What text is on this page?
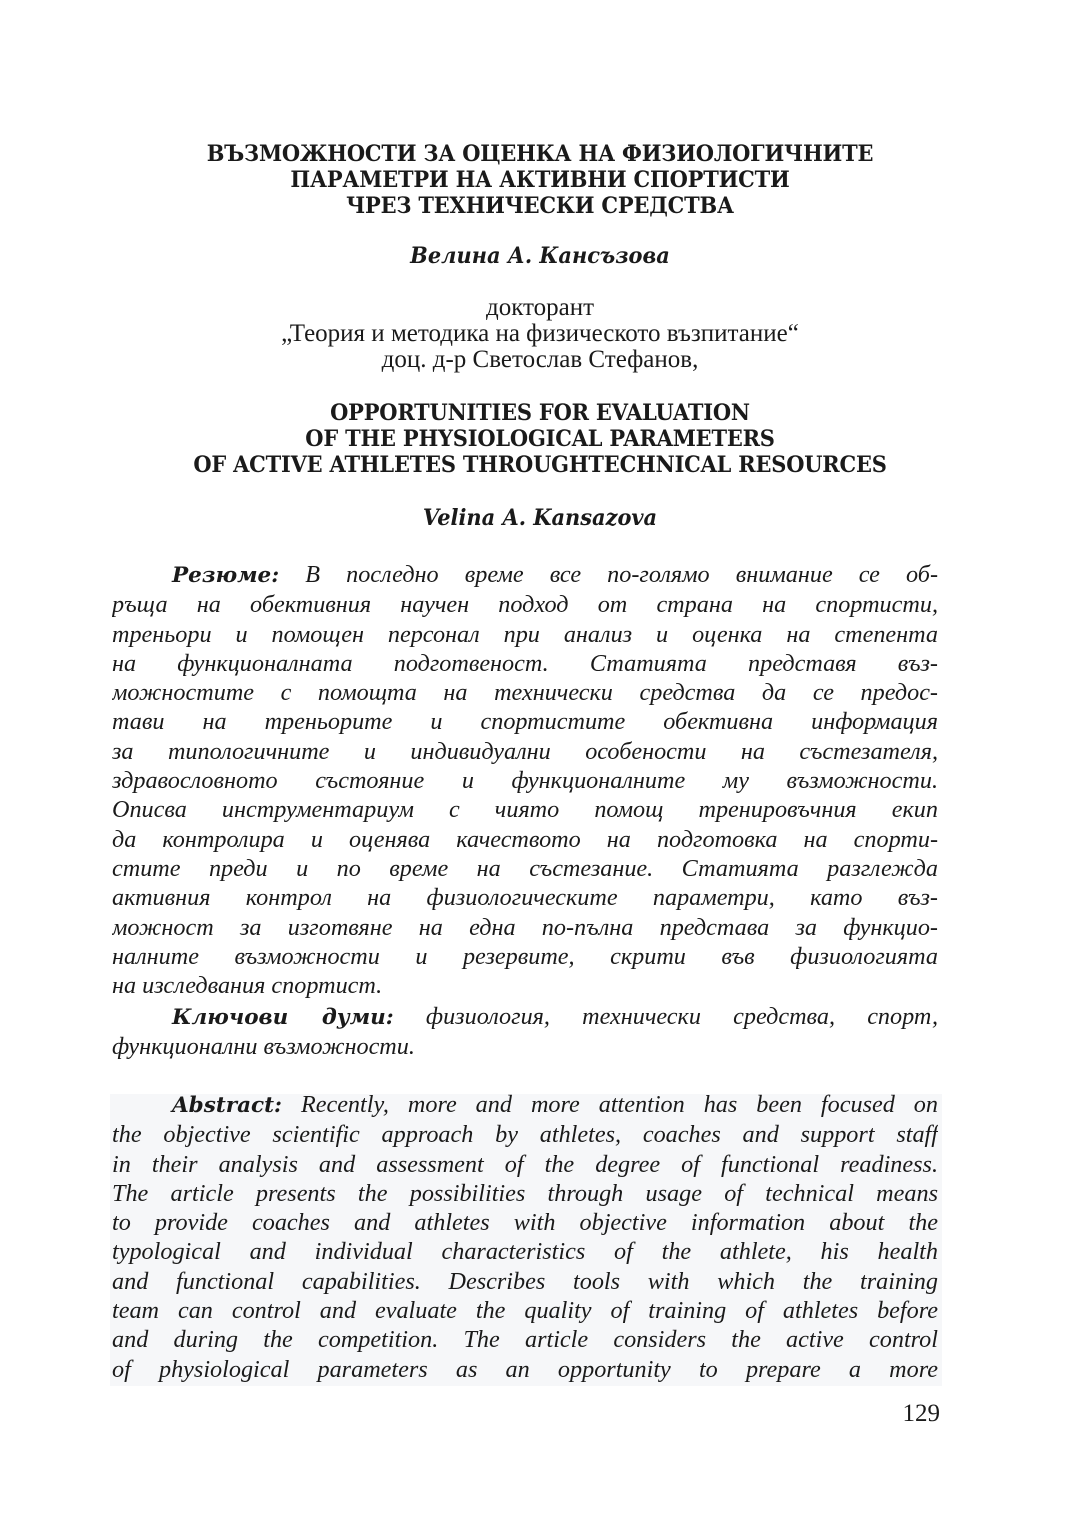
ВЪЗМОЖНОСТИ ЗА ОЦЕНКА НА ФИЗИОЛОГИЧНИТЕ
ПАРАМЕТРИ НА АКТИВНИ СПОРТИСТИ
ЧРЕЗ ТЕХНИЧЕСКИ СРЕДСТВА
Велина А. Кансъзова
докторант
„Теория и методика на физическото възпитание“
доц. д-р Светослав Стефанов,
OPPORTUNITIES FOR EVALUATION
OF THE PHYSIOLOGICAL PARAMETERS
OF ACTIVE ATHLETES THROUGHTECHNICAL RESOURCES
Velina A. Kansazova
Резюме: В последно време все по-голямо внимание се об-
ръща на обективния научен подход от страна на спортисти,
треньори и помощен персонал при анализ и оценка на степента
на функционалната подготвеност. Статията представя въз-
можностите с помощта на технически средства да се предос-
тави на треньорите и спортистите обективна информация
за типологичните и индивидуални особености на състезателя,
здравословното състояние и функционалните му възможности.
Описва инструментариум с чиято помощ тренировъчния екип
да контролира и оценява качеството на подготовка на спорти-
стите преди и по време на състезание. Статията разглежда
активния контрол на физиологическите параметри, като въз-
можност за изготвяне на една по-пълна представа за функцио-
налните възможности и резервите, скрити във физиологията
на изследвания спортист.
Ключови думи: физиология, технически средства, спорт,
функционални възможности.
Abstract: Recently, more and more attention has been focused on
the objective scientific approach by athletes, coaches and support staff
in their analysis and assessment of the degree of functional readiness.
The article presents the possibilities through usage of technical means
to provide coaches and athletes with objective information about the
typological and individual characteristics of the athlete, his health
and functional capabilities. Describes tools with which the training
team can control and evaluate the quality of training of athletes before
and during the competition. The article considers the active control
of physiological parameters as an opportunity to prepare a more
129
